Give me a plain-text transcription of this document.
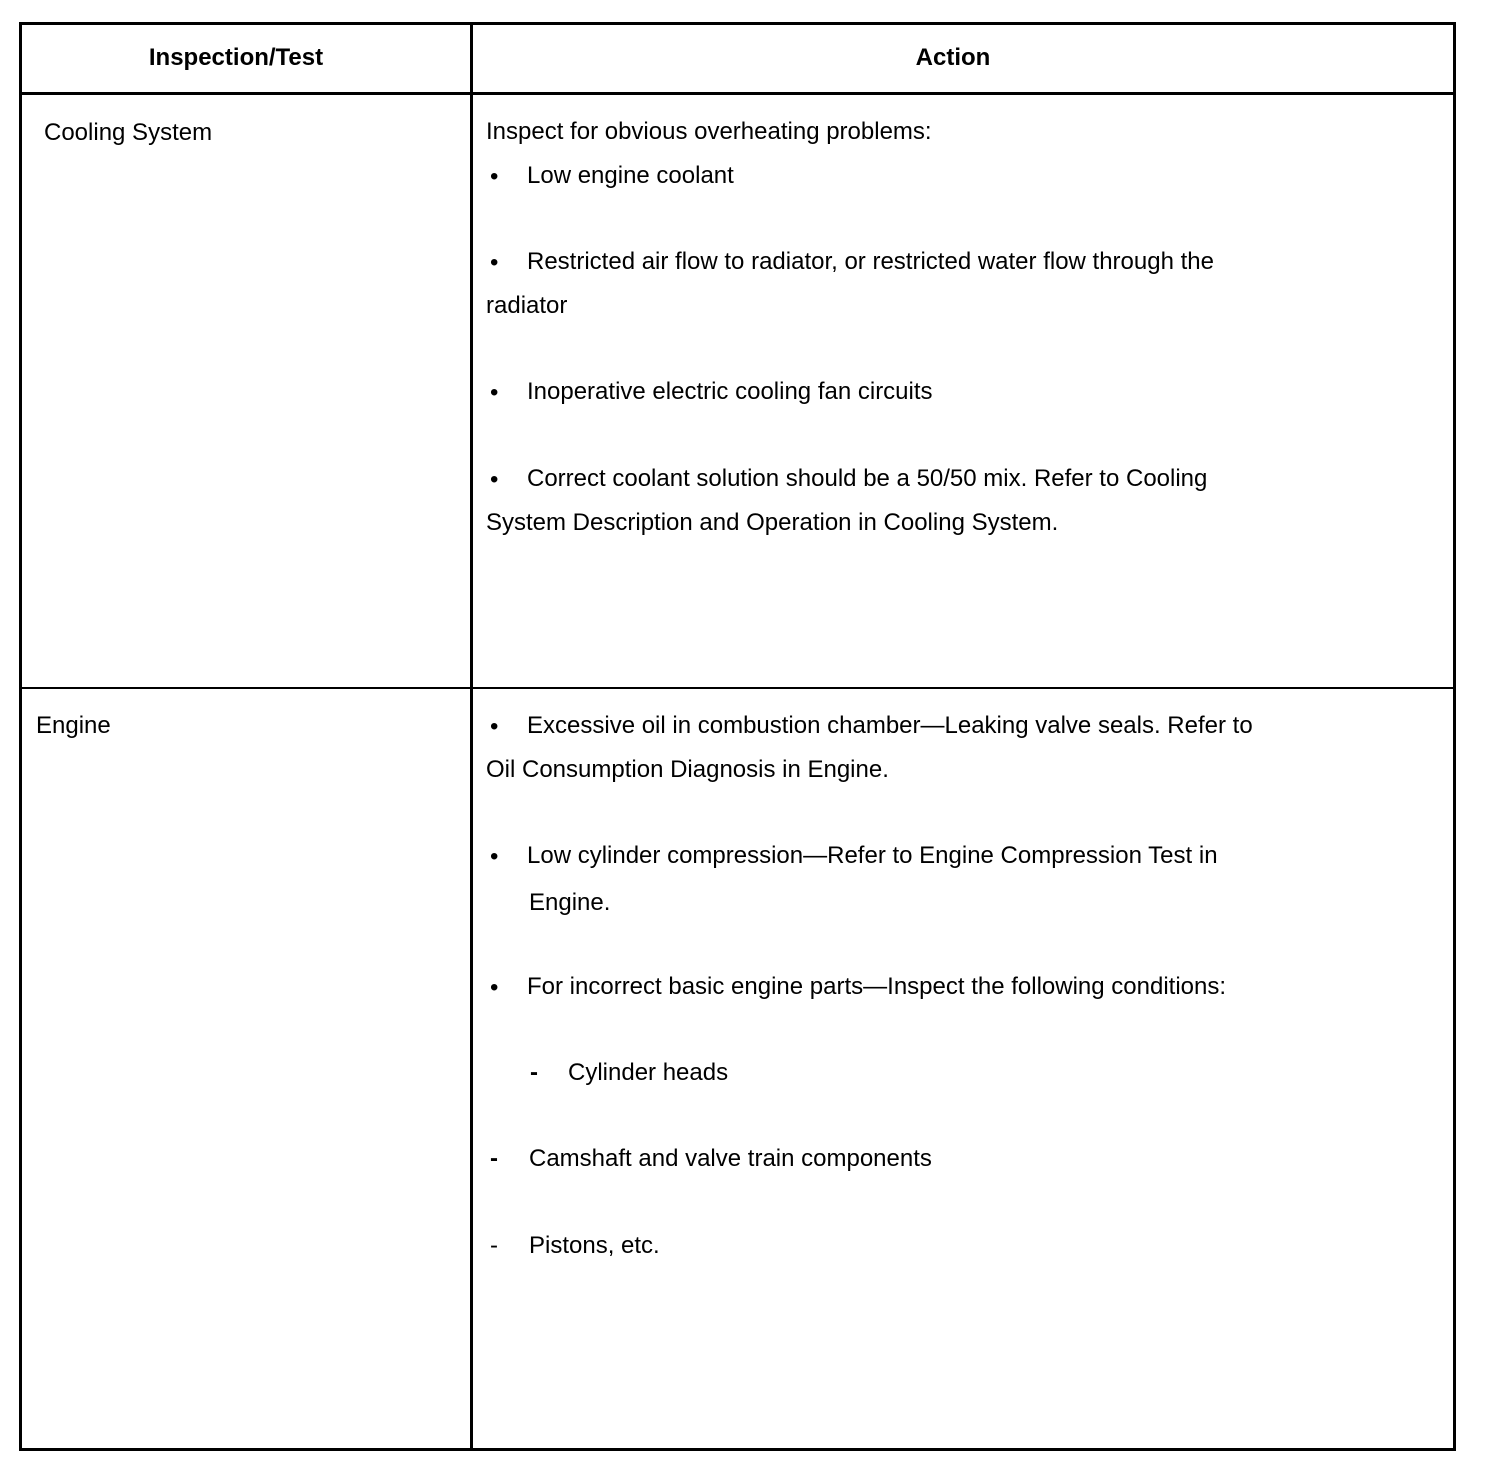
Inspection/Test	Action
Cooling System	Inspect for obvious overheating problems:
• Low engine coolant
• Restricted air flow to radiator, or restricted water flow through the
radiator
• Inoperative electric cooling fan circuits
• Correct coolant solution should be a 50/50 mix. Refer to Cooling
System Description and Operation in Cooling System.
Engine	• Excessive oil in combustion chamber—Leaking valve seals. Refer to
Oil Consumption Diagnosis in Engine.
• Low cylinder compression—Refer to Engine Compression Test in
Engine.
• For incorrect basic engine parts—Inspect the following conditions:
- Cylinder heads
- Camshaft and valve train components
- Pistons, etc.
